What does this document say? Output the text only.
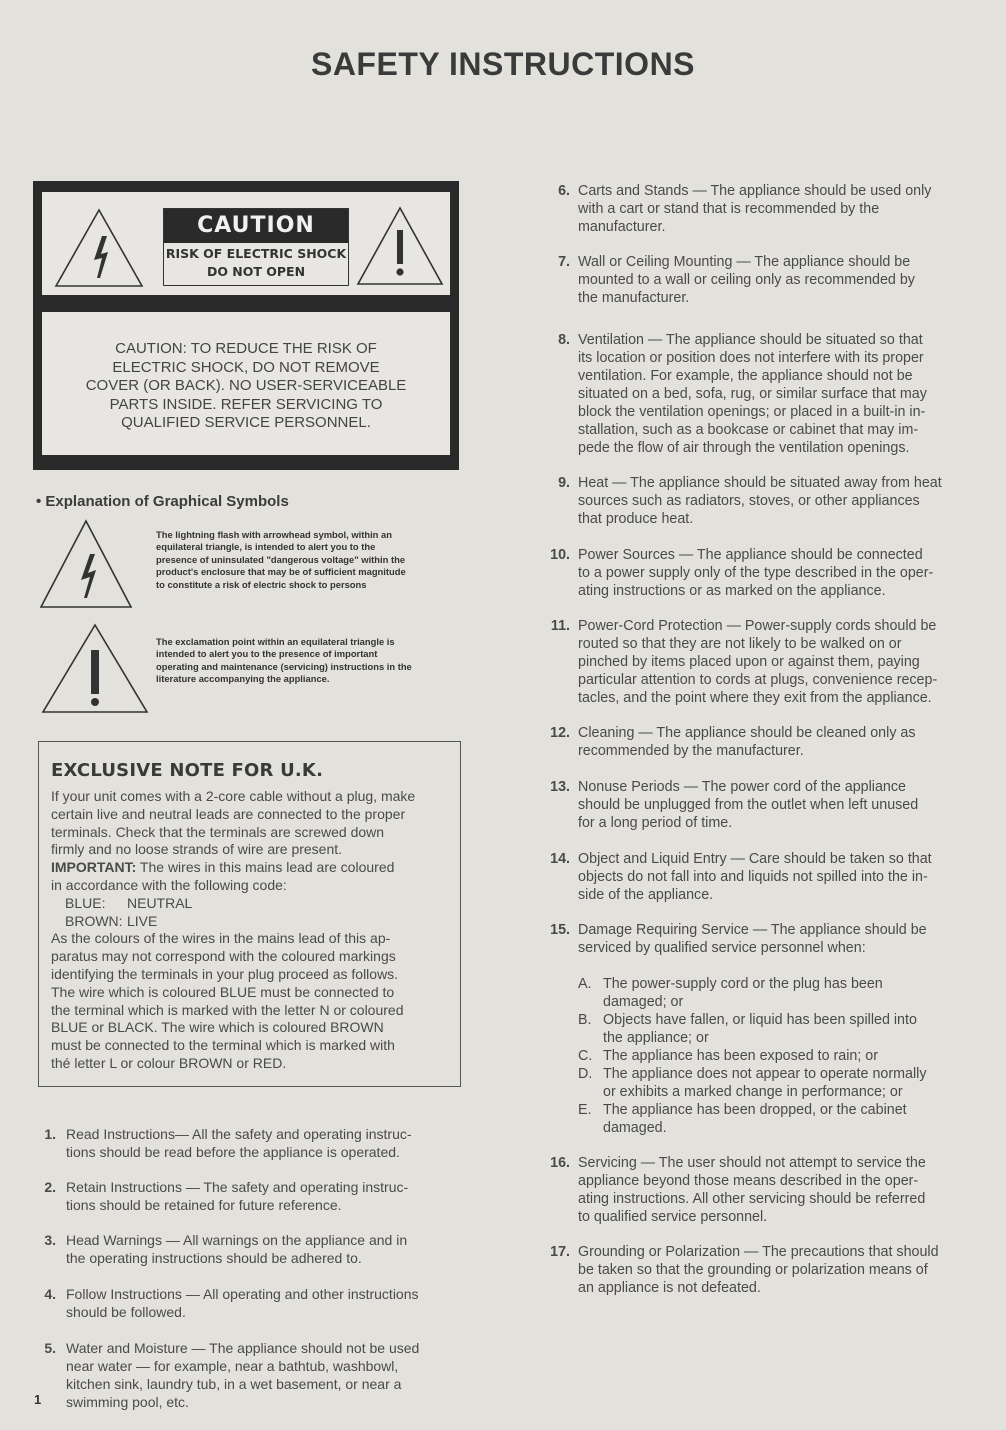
SAFETY INSTRUCTIONS
CAUTION
RISK OF ELECTRIC SHOCK
DO NOT OPEN
CAUTION: TO REDUCE THE RISK OF
ELECTRIC SHOCK, DO NOT REMOVE
COVER (OR BACK). NO USER-SERVICEABLE
PARTS INSIDE. REFER SERVICING TO
QUALIFIED SERVICE PERSONNEL.
• Explanation of Graphical Symbols
The lightning flash with arrowhead symbol, within an
equilateral triangle, is intended to alert you to the
presence of uninsulated "dangerous voltage" within the
product's enclosure that may be of sufficient magnitude
to constitute a risk of electric shock to persons
The exclamation point within an equilateral triangle is
intended to alert you to the presence of important
operating and maintenance (servicing) instructions in the
literature accompanying the appliance.
EXCLUSIVE NOTE FOR U.K.
If your unit comes with a 2-core cable without a plug, make
certain live and neutral leads are connected to the proper
terminals. Check that the terminals are screwed down
firmly and no loose strands of wire are present.
IMPORTANT: The wires in this mains lead are coloured
in accordance with the following code:
BLUE: NEUTRAL
BROWN: LIVE
As the colours of the wires in the mains lead of this ap-
paratus may not correspond with the coloured markings
identifying the terminals in your plug proceed as follows.
The wire which is coloured BLUE must be connected to
the terminal which is marked with the letter N or coloured
BLUE or BLACK. The wire which is coloured BROWN
must be connected to the terminal which is marked with
thé letter L or colour BROWN or RED.
1. Read Instructions— All the safety and operating instruc-
tions should be read before the appliance is operated.
2. Retain Instructions — The safety and operating instruc-
tions should be retained for future reference.
3. Head Warnings — All warnings on the appliance and in
the operating instructions should be adhered to.
4. Follow Instructions — All operating and other instructions
should be followed.
5. Water and Moisture — The appliance should not be used
near water — for example, near a bathtub, washbowl,
kitchen sink, laundry tub, in a wet basement, or near a
swimming pool, etc.
6. Carts and Stands — The appliance should be used only
with a cart or stand that is recommended by the
manufacturer.
7. Wall or Ceiling Mounting — The appliance should be
mounted to a wall or ceiling only as recommended by
the manufacturer.
8. Ventilation — The appliance should be situated so that
its location or position does not interfere with its proper
ventilation. For example, the appliance should not be
situated on a bed, sofa, rug, or similar surface that may
block the ventilation openings; or placed in a built-in in-
stallation, such as a bookcase or cabinet that may im-
pede the flow of air through the ventilation openings.
9. Heat — The appliance should be situated away from heat
sources such as radiators, stoves, or other appliances
that produce heat.
10. Power Sources — The appliance should be connected
to a power supply only of the type described in the oper-
ating instructions or as marked on the appliance.
11. Power-Cord Protection — Power-supply cords should be
routed so that they are not likely to be walked on or
pinched by items placed upon or against them, paying
particular attention to cords at plugs, convenience recep-
tacles, and the point where they exit from the appliance.
12. Cleaning — The appliance should be cleaned only as
recommended by the manufacturer.
13. Nonuse Periods — The power cord of the appliance
should be unplugged from the outlet when left unused
for a long period of time.
14. Object and Liquid Entry — Care should be taken so that
objects do not fall into and liquids not spilled into the in-
side of the appliance.
15. Damage Requiring Service — The appliance should be
serviced by qualified service personnel when:
A. The power-supply cord or the plug has been
damaged; or
B. Objects have fallen, or liquid has been spilled into
the appliance; or
C. The appliance has been exposed to rain; or
D. The appliance does not appear to operate normally
or exhibits a marked change in performance; or
E. The appliance has been dropped, or the cabinet
damaged.
16. Servicing — The user should not attempt to service the
appliance beyond those means described in the oper-
ating instructions. All other servicing should be referred
to qualified service personnel.
17. Grounding or Polarization — The precautions that should
be taken so that the grounding or polarization means of
an appliance is not defeated.
1
